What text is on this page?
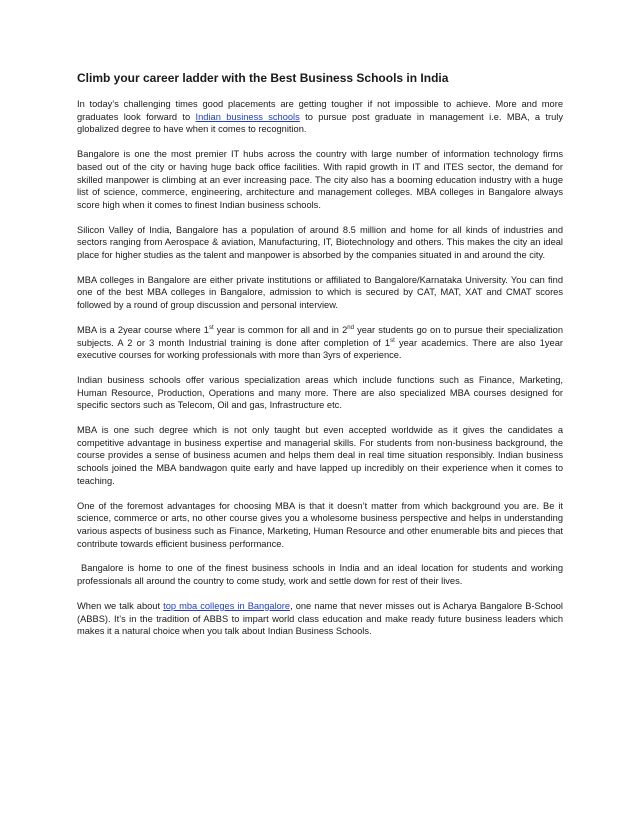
Climb your career ladder with the Best Business Schools in India

In today’s challenging times good placements are getting tougher if not impossible to achieve. More and more graduates look forward to Indian business schools to pursue post graduate in management i.e. MBA, a truly globalized degree to have when it comes to recognition.

Bangalore is one the most premier IT hubs across the country with large number of information technology firms based out of the city or having huge back office facilities. With rapid growth in IT and ITES sector, the demand for skilled manpower is climbing at an ever increasing pace. The city also has a booming education industry with a huge list of science, commerce, engineering, architecture and management colleges. MBA colleges in Bangalore always score high when it comes to finest Indian business schools.

Silicon Valley of India, Bangalore has a population of around 8.5 million and home for all kinds of industries and sectors ranging from Aerospace & aviation, Manufacturing, IT, Biotechnology and others. This makes the city an ideal place for higher studies as the talent and manpower is absorbed by the companies situated in and around the city.

MBA colleges in Bangalore are either private institutions or affiliated to Bangalore/Karnataka University. You can find one of the best MBA colleges in Bangalore, admission to which is secured by CAT, MAT, XAT and CMAT scores followed by a round of group discussion and personal interview.

MBA is a 2year course where 1st year is common for all and in 2nd year students go on to pursue their specialization subjects. A 2 or 3 month Industrial training is done after completion of 1st year academics. There are also 1year executive courses for working professionals with more than 3yrs of experience.

Indian business schools offer various specialization areas which include functions such as Finance, Marketing, Human Resource, Production, Operations and many more. There are also specialized MBA courses designed for specific sectors such as Telecom, Oil and gas, Infrastructure etc.

MBA is one such degree which is not only taught but even accepted worldwide as it gives the candidates a competitive advantage in business expertise and managerial skills. For students from non-business background, the course provides a sense of business acumen and helps them deal in real time situation responsibly. Indian business schools joined the MBA bandwagon quite early and have lapped up incredibly on their experience when it comes to teaching.

One of the foremost advantages for choosing MBA is that it doesn’t matter from which background you are. Be it science, commerce or arts, no other course gives you a wholesome business perspective and helps in understanding various aspects of business such as Finance, Marketing, Human Resource and other enumerable bits and pieces that contribute towards efficient business performance.

Bangalore is home to one of the finest business schools in India and an ideal location for students and working professionals all around the country to come study, work and settle down for rest of their lives.

When we talk about top mba colleges in Bangalore, one name that never misses out is Acharya Bangalore B-School (ABBS). It’s in the tradition of ABBS to impart world class education and make ready future business leaders which makes it a natural choice when you talk about Indian Business Schools.
